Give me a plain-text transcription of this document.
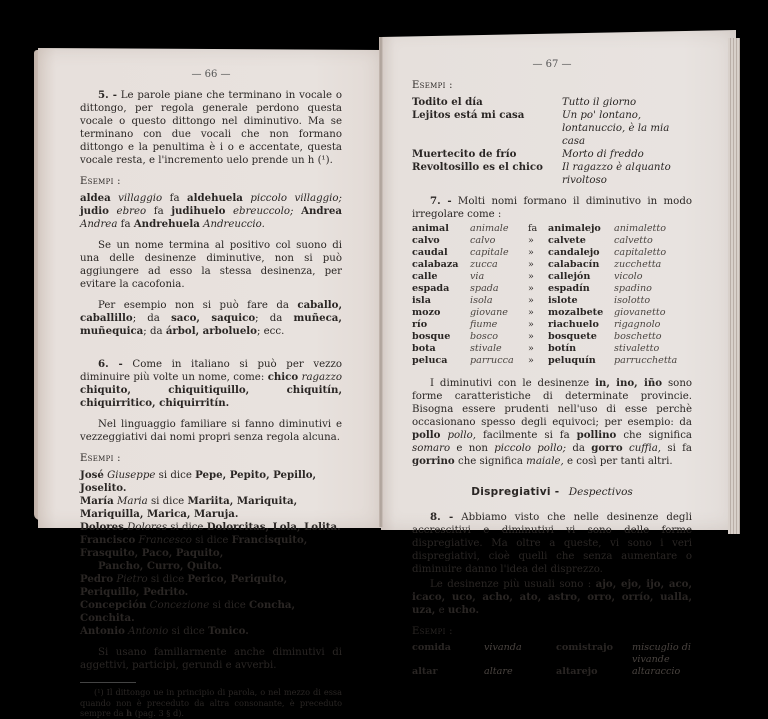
— 66 —

5. - Le parole piane che terminano in vocale o dittongo, per regola generale perdono questa vocale o questo dittongo nel diminutivo. Ma se terminano con due vocali che non formano dittongo e la penultima è i o e accentate, questa vocale resta, e l'incremento uelo prende un h (¹).

Esempi :

aldea villaggio fa aldehuela piccolo villaggio; judio ebreo fa judihuelo ebreuccolo; Andrea Andrea fa Andrehuela Andreuccio.

Se un nome termina al positivo col suono di una delle desinenze diminutive, non si può aggiungere ad esso la stessa desinenza, per evitare la cacofonia.

Per esempio non si può fare da caballo, caballillo; da saco, saquico; da muñeca, muñequica; da árbol, arboluelo; ecc.

6. - Come in italiano si può per vezzo diminuire più volte un nome, come: chico ragazzo chiquito, chiquitiquillo, chiquitín, chiquirritico, chiquirritín.

Nel linguaggio familiare si fanno diminutivi e vezzeggiativi dai nomi propri senza regola alcuna.

Esempi :
José Giuseppe si dice Pepe, Pepito, Pepillo, Joselito.
María Maria si dice Mariita, Mariquita, Mariquilla, Marica, Maruja.
Dolores Dolores si dice Dolorcitas, Lola, Lolita.
Francisco Francesco si dice Francisquito, Frasquito, Paco, Paquito,
Pancho, Curro, Quito.
Pedro Pietro si dice Perico, Periquito, Periquillo, Pedrito.
Concepción Concezione si dice Concha, Conchita.
Antonio Antonio si dice Tonico.

Si usano familiarmente anche diminutivi di aggettivi, participi, gerundi e avverbi.

(¹) Il dittongo ue in principio di parola, o nel mezzo di essa quando non è preceduto da altra consonante, è preceduto sempre da h (pag. 3 § d).
— 67 —
Esempi :
Todito el día	Tutto il giorno
Lejitos está mi casa	Un po' lontano, lontanuccio, è la mia casa
Muertecito de frío	Morto di freddo
Revoltosillo es el chico	Il ragazzo è alquanto rivoltoso

7. - Molti nomi formano il diminutivo in modo irregolare come :

animal	animale	fa	animalejo	animaletto
calvo	calvo	»	calvete	calvetto
caudal	capitale	»	candalejo	capitaletto
calabaza	zucca	»	calabacín	zucchetta
calle	via	»	callejón	vicolo
espada	spada	»	espadín	spadino
isla	isola	»	islote	isolotto
mozo	giovane	»	mozalbete	giovanetto
río	fiume	»	riachuelo	rigagnolo
bosque	bosco	»	bosquete	boschetto
bota	stivale	»	botín	stivaletto
peluca	parrucca	»	peluquín	parrucchetta

I diminutivi con le desinenze in, ino, iño sono forme caratteristiche di determinate provincie. Bisogna essere prudenti nell'uso di esse perchè occasionano spesso degli equivoci; per esempio: da pollo pollo, facilmente si fa pollino che significa somaro e non piccolo pollo; da gorro cuffia, si fa gorrino che significa maiale, e così per tanti altri.

Dispregiativi - Despectivos

8. - Abbiamo visto che nelle desinenze degli accrescitivi e diminutivi vi sono delle forme dispregiative. Ma oltre a queste, vi sono i veri dispregiativi, cioè quelli che senza aumentare o diminuire danno l'idea del disprezzo.

Le desinenze più usuali sono : ajo, ejo, ijo, aco, icaco, uco, acho, ato, astro, orro, orrío, ualla, uza, e ucho.

Esempi :
comida	vivanda	comistrajo	miscuglio di vivande
altar	altare	altarejo	altaraccio
